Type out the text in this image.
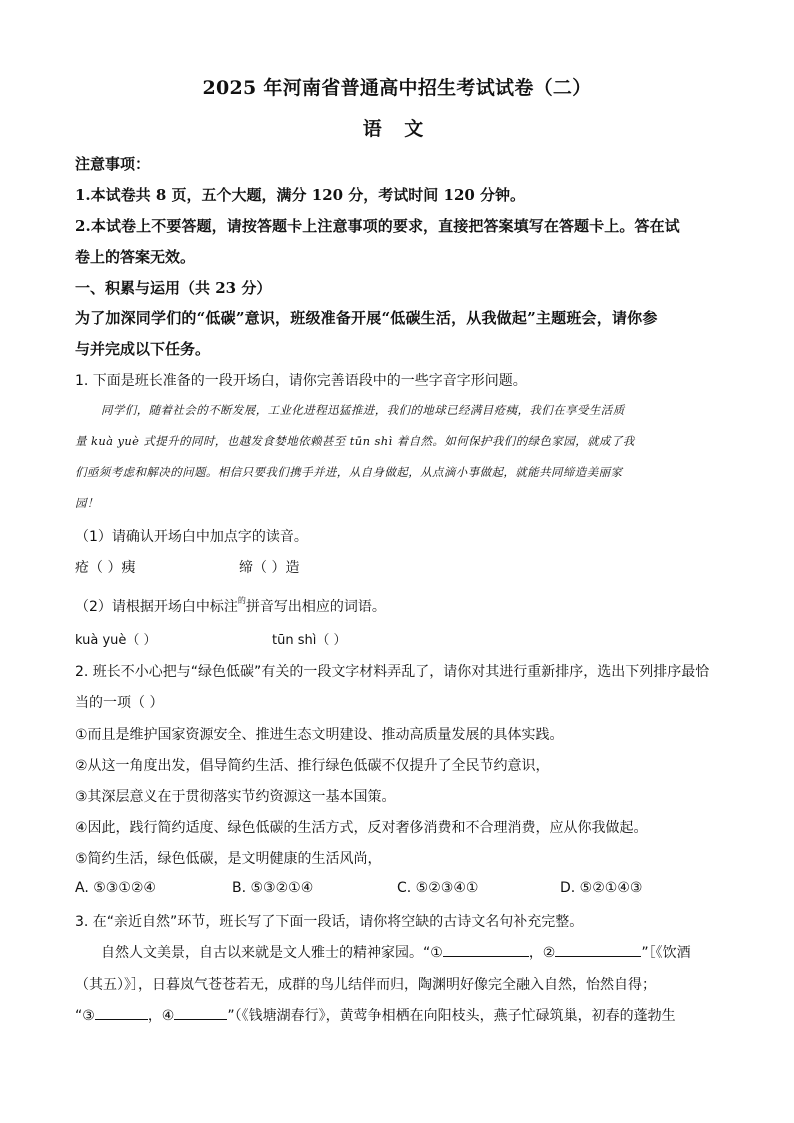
2025 年河南省普通高中招生考试试卷（二）
语 文
注意事项：
1.本试卷共 8 页，五个大题，满分 120 分，考试时间 120 分钟。
2.本试卷上不要答题，请按答题卡上注意事项的要求，直接把答案填写在答题卡上。答在试
卷上的答案无效。
一、积累与运用（共 23 分）
为了加深同学们的“低碳”意识，班级准备开展“低碳生活，从我做起”主题班会，请你参
与并完成以下任务。
1. 下面是班长准备的一段开场白，请你完善语段中的一些字音字形问题。
同学们，随着社会的不断发展，工业化进程迅猛推进，我们的地球已经满目疮痍，我们在享受生活质
量 kuà yuè 式提升的同时，也越发食婪地依赖甚至 tūn shì 着自然。如何保护我们的绿色家园，就成了我
们亟须考虑和解决的问题。相信只要我们携手并进，从自身做起，从点滴小事做起，就能共同缔造美丽家
园！
（1）请确认开场白中加点字的读音。
疮（ ）痍	缔（ ）造
（2）请根据开场白中标注$^的$拼音写出相应的词语。
kuà yuè（ ）	tūn shì（ ）
2. 班长不小心把与“绿色低碳”有关的一段文字材料弄乱了，请你对其进行重新排序，选出下列排序最恰
当的一项（ ）
①而且是维护国家资源安全、推进生态文明建设、推动高质量发展的具体实践。
②从这一角度出发，倡导简约生活、推行绿色低碳不仅提升了全民节约意识，
③其深层意义在于贯彻落实节约资源这一基本国策。
④因此，践行简约适度、绿色低碳的生活方式，反对奢侈消费和不合理消费，应从你我做起。
⑤简约生活，绿色低碳，是文明健康的生活风尚，
A. ⑤③①②④	B. ⑤③②①④	C. ⑤②③④①	D. ⑤②①④③
3. 在“亲近自然”环节，班长写了下面一段话，请你将空缺的古诗文名句补充完整。
自然人文美景，自古以来就是文人雅士的精神家园。“①	，②	”［《饮酒
（其五）》］，日暮岚气苍苍若无，成群的鸟儿结伴而归，陶渊明好像完全融入自然，怡然自得；
“③	，④	”（《钱塘湖春行》，黄莺争相栖在向阳枝头，燕子忙碌筑巢，初春的蓬勃生
